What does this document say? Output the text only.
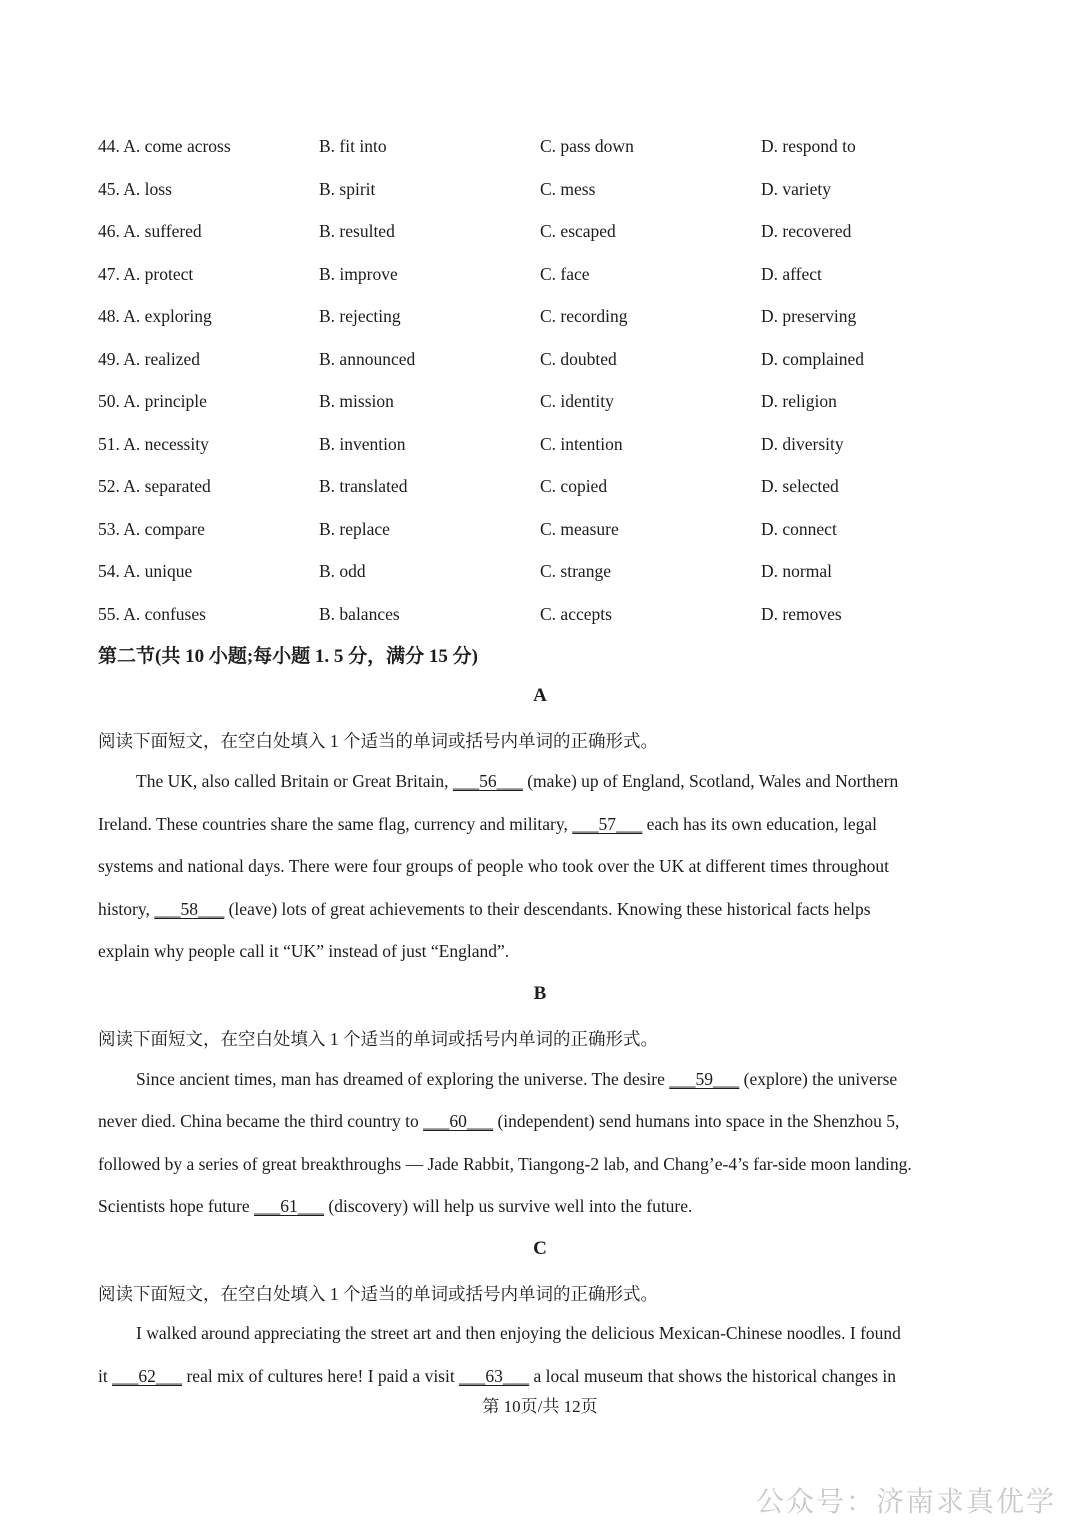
44. A. come across	B. fit into	C. pass down	D. respond to
45. A. loss	B. spirit	C. mess	D. variety
46. A. suffered	B. resulted	C. escaped	D. recovered
47. A. protect	B. improve	C. face	D. affect
48. A. exploring	B. rejecting	C. recording	D. preserving
49. A. realized	B. announced	C. doubted	D. complained
50. A. principle	B. mission	C. identity	D. religion
51. A. necessity	B. invention	C. intention	D. diversity
52. A. separated	B. translated	C. copied	D. selected
53. A. compare	B. replace	C. measure	D. connect
54. A. unique	B. odd	C. strange	D. normal
55. A. confuses	B. balances	C. accepts	D. removes
第二节(共 10 小题;每小题 1. 5 分，满分 15 分)
A
阅读下面短文，在空白处填入 1 个适当的单词或括号内单词的正确形式。
The UK, also called Britain or Great Britain, ___56___ (make) up of England, Scotland, Wales and Northern
Ireland. These countries share the same flag, currency and military, ___57___ each has its own education, legal
systems and national days. There were four groups of people who took over the UK at different times throughout
history, ___58___ (leave) lots of great achievements to their descendants. Knowing these historical facts helps
explain why people call it “UK” instead of just “England”.
B
阅读下面短文，在空白处填入 1 个适当的单词或括号内单词的正确形式。
Since ancient times, man has dreamed of exploring the universe. The desire ___59___ (explore) the universe
never died. China became the third country to ___60___ (independent) send humans into space in the Shenzhou 5,
followed by a series of great breakthroughs — Jade Rabbit, Tiangong-2 lab, and Chang’e-4’s far-side moon landing.
Scientists hope future ___61___ (discovery) will help us survive well into the future.
C
阅读下面短文，在空白处填入 1 个适当的单词或括号内单词的正确形式。
I walked around appreciating the street art and then enjoying the delicious Mexican-Chinese noodles. I found
it ___62___ real mix of cultures here! I paid a visit ___63___ a local museum that shows the historical changes in
第 10页/共 12页
公众号：济南求真优学
